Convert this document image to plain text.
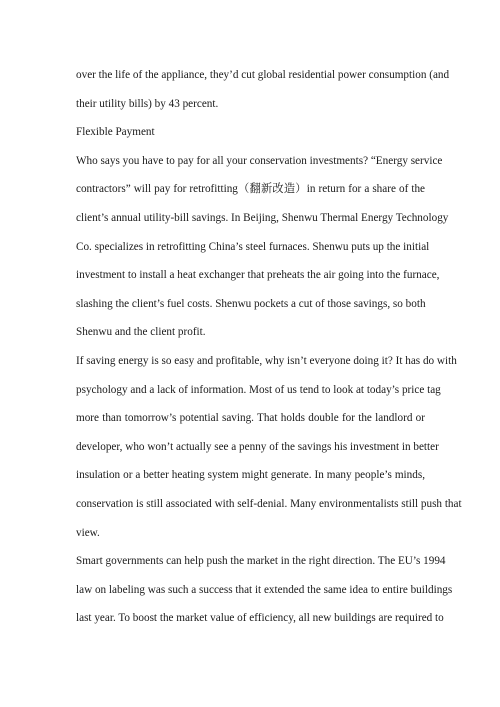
over the life of the appliance, they’d cut global residential power consumption (and
their utility bills) by 43 percent.
Flexible Payment
Who says you have to pay for all your conservation investments? “Energy service
contractors” will pay for retrofitting（翻新改造）in return for a share of the
client’s annual utility-bill savings. In Beijing, Shenwu Thermal Energy Technology
Co. specializes in retrofitting China’s steel furnaces. Shenwu puts up the initial
investment to install a heat exchanger that preheats the air going into the furnace,
slashing the client’s fuel costs. Shenwu pockets a cut of those savings, so both
Shenwu and the client profit.
If saving energy is so easy and profitable, why isn’t everyone doing it? It has do with
psychology and a lack of information. Most of us tend to look at today’s price tag
more than tomorrow’s potential saving. That holds double for the landlord or
developer, who won’t actually see a penny of the savings his investment in better
insulation or a better heating system might generate. In many people’s minds,
conservation is still associated with self-denial. Many environmentalists still push that
view.
Smart governments can help push the market in the right direction. The EU’s 1994
law on labeling was such a success that it extended the same idea to entire buildings
last year. To boost the market value of efficiency, all new buildings are required to
